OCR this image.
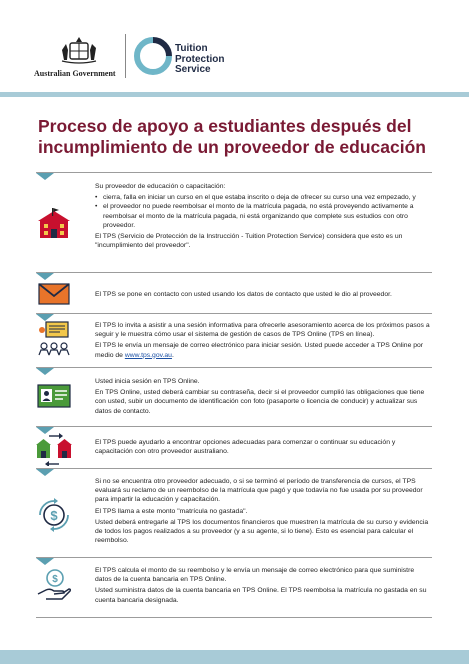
Australian Government
Tuition
Protection
Service
Proceso de apoyo a estudiantes después del incumplimiento de un proveedor de educación

Su proveedor de educación o capacitación:

• cierra, falla en iniciar un curso en el que estaba inscrito o deja de ofrecer su curso una vez empezado, y
• el proveedor no puede reembolsar el monto de la matrícula pagada, no está proveyendo activamente a reembolsar el monto de la matrícula pagada, ni está organizando que complete sus estudios con otro proveedor.

El TPS (Servicio de Protección de la Instrucción - Tuition Protection Service) considera que esto es un "incumplimiento del proveedor".

El TPS se pone en contacto con usted usando los datos de contacto que usted le dio al proveedor.

El TPS lo invita a asistir a una sesión informativa para ofrecerle asesoramiento acerca de los próximos pasos a seguir y le muestra cómo usar el sistema de gestión de casos de TPS Online (TPS en línea).

El TPS le envía un mensaje de correo electrónico para iniciar sesión. Usted puede acceder a TPS Online por medio de www.tps.gov.au.

Usted inicia sesión en TPS Online.

En TPS Online, usted deberá cambiar su contraseña, decir si el proveedor cumplió las obligaciones que tiene con usted, subir un documento de identificación con foto (pasaporte o licencia de conducir) y actualizar sus datos de contacto.

El TPS puede ayudarlo a encontrar opciones adecuadas para comenzar o continuar su educación y capacitación con otro proveedor australiano.

$

Si no se encuentra otro proveedor adecuado, o si se terminó el período de transferencia de cursos, el TPS evaluará su reclamo de un reembolso de la matrícula que pagó y que todavía no fue usada por su proveedor para impartir la educación y capacitación.

El TPS llama a este monto "matrícula no gastada".

Usted deberá entregarle al TPS los documentos financieros que muestren la matrícula de su curso y evidencia de todos los pagos realizados a su proveedor (y a su agente, si lo tiene). Esto es esencial para calcular el reembolso.

$

El TPS calcula el monto de su reembolso y le envía un mensaje de correo electrónico para que suministre datos de la cuenta bancaria en TPS Online.

Usted suministra datos de la cuenta bancaria en TPS Online. El TPS reembolsa la matrícula no gastada en su cuenta bancaria designada.
